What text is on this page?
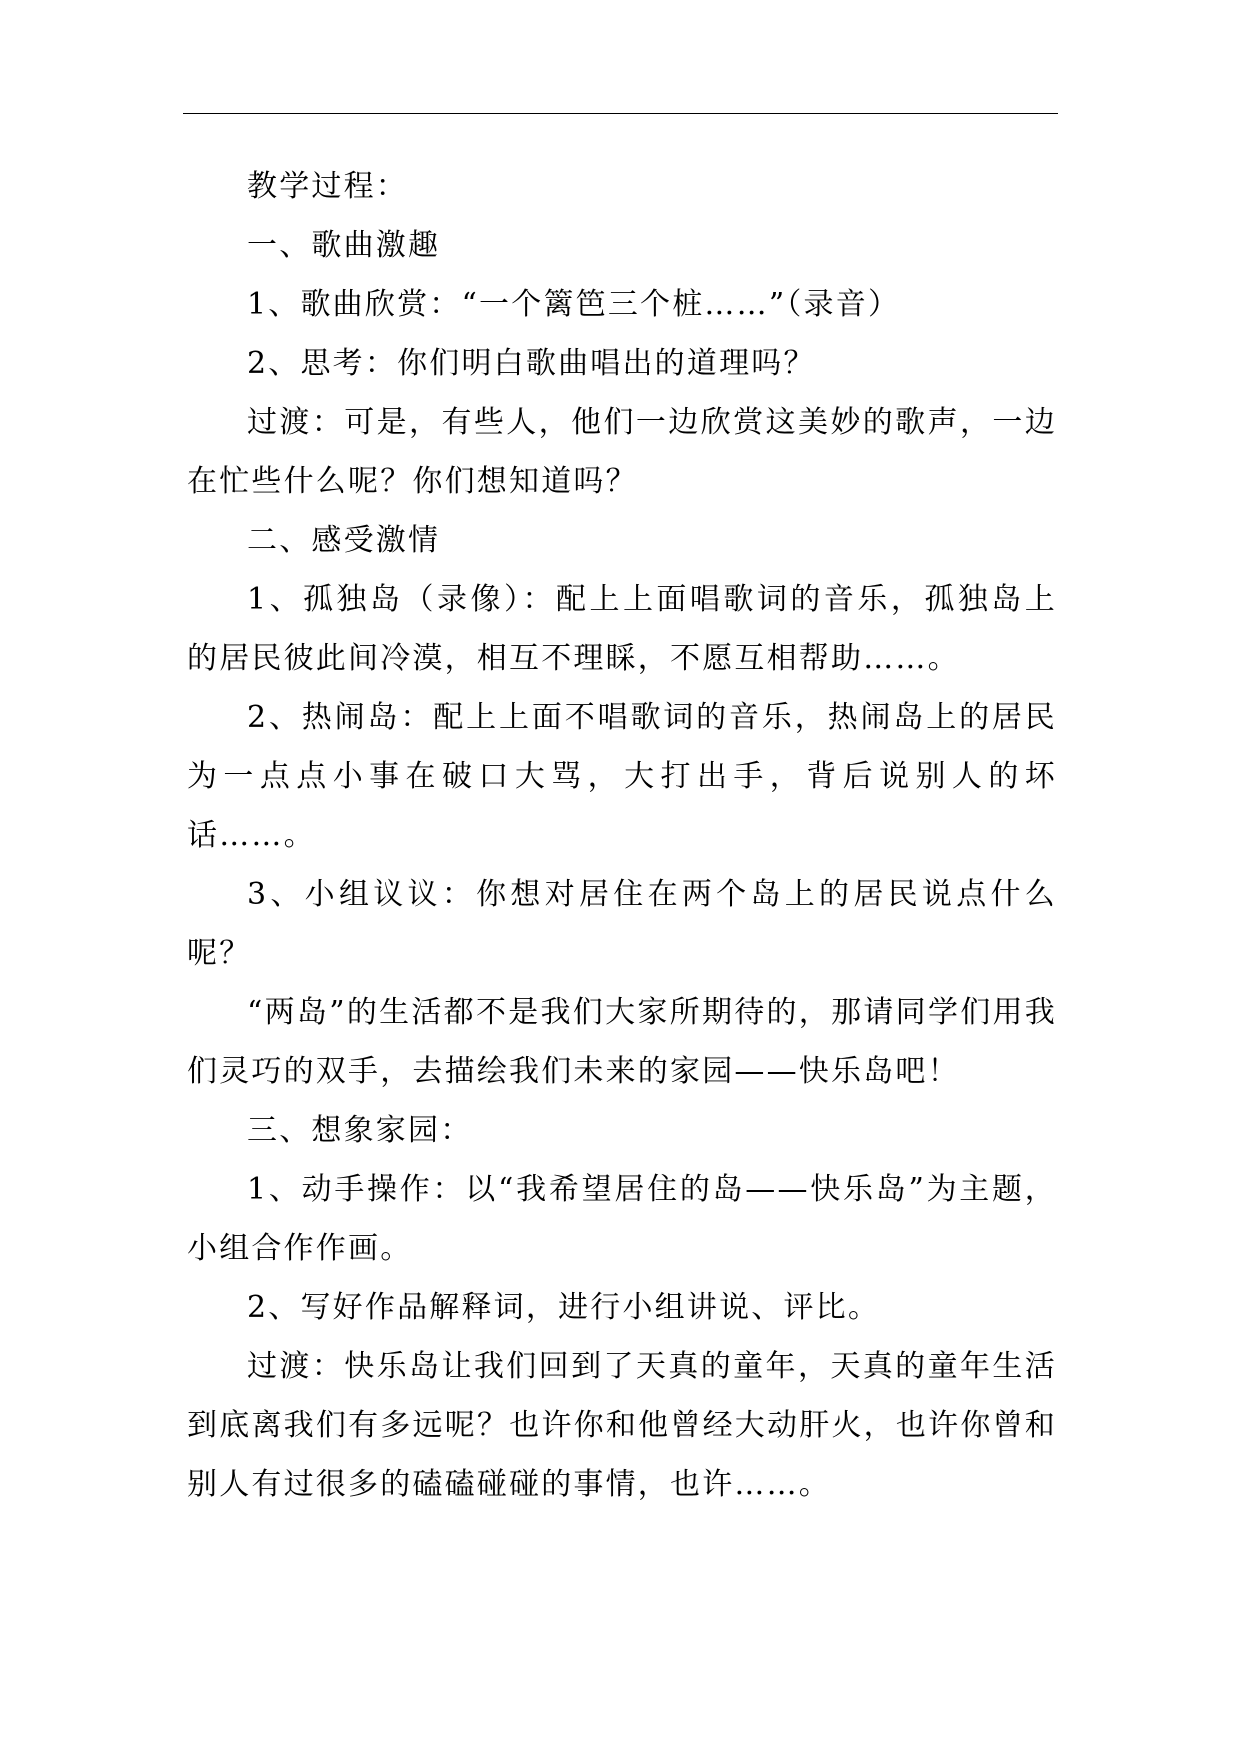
教学过程：

一、歌曲激趣

1、歌曲欣赏：“一个篱笆三个桩……”（录音）

2、思考：你们明白歌曲唱出的道理吗？

过渡：可是，有些人，他们一边欣赏这美妙的歌声，一边在忙些什么呢？你们想知道吗？

二、感受激情

1、孤独岛（录像）：配上上面唱歌词的音乐，孤独岛上的居民彼此间冷漠，相互不理睬，不愿互相帮助……。

2、热闹岛：配上上面不唱歌词的音乐，热闹岛上的居民为一点点小事在破口大骂，大打出手，背后说别人的坏话……。

3、小组议议：你想对居住在两个岛上的居民说点什么呢？

“两岛”的生活都不是我们大家所期待的，那请同学们用我们灵巧的双手，去描绘我们未来的家园——快乐岛吧！

三、想象家园：

1、动手操作：以“我希望居住的岛——快乐岛”为主题，小组合作作画。

2、写好作品解释词，进行小组讲说、评比。

过渡：快乐岛让我们回到了天真的童年，天真的童年生活到底离我们有多远呢？也许你和他曾经大动肝火，也许你曾和别人有过很多的磕磕碰碰的事情，也许……。
